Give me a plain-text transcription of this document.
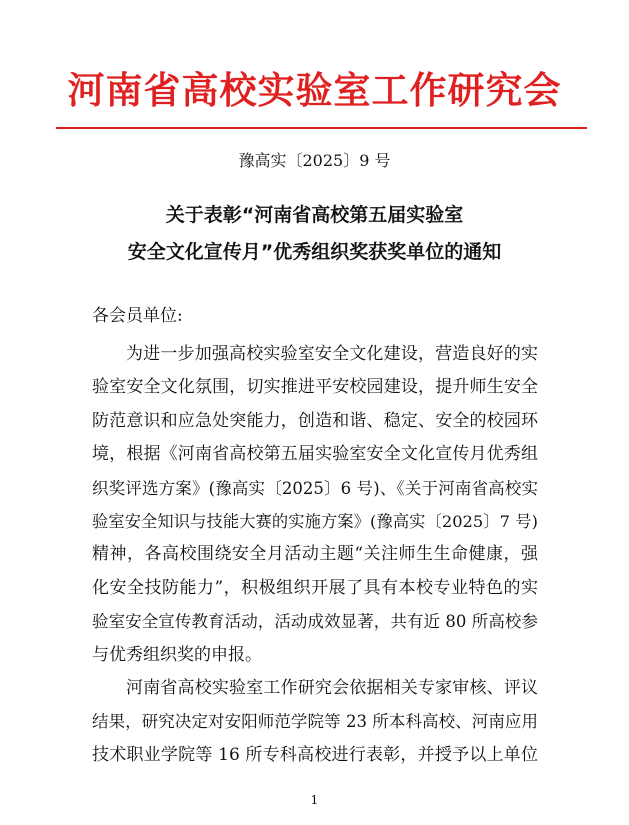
河南省高校实验室工作研究会
豫高实〔2025〕9 号
关于表彰“河南省高校第五届实验室
安全文化宣传月”优秀组织奖获奖单位的通知
各会员单位:
为进一步加强高校实验室安全文化建设，营造良好的实
验室安全文化氛围，切实推进平安校园建设，提升师生安全
防范意识和应急处突能力，创造和谐、稳定、安全的校园环
境，根据《河南省高校第五届实验室安全文化宣传月优秀组
织奖评选方案》(豫高实〔2025〕6 号)、《关于河南省高校实
验室安全知识与技能大赛的实施方案》(豫高实〔2025〕7 号)
精神，各高校围绕安全月活动主题“关注师生生命健康，强
化安全技防能力”，积极组织开展了具有本校专业特色的实
验室安全宣传教育活动，活动成效显著，共有近 80 所高校参
与优秀组织奖的申报。
河南省高校实验室工作研究会依据相关专家审核、评议
结果，研究决定对安阳师范学院等 23 所本科高校、河南应用
技术职业学院等 16 所专科高校进行表彰，并授予以上单位
1
